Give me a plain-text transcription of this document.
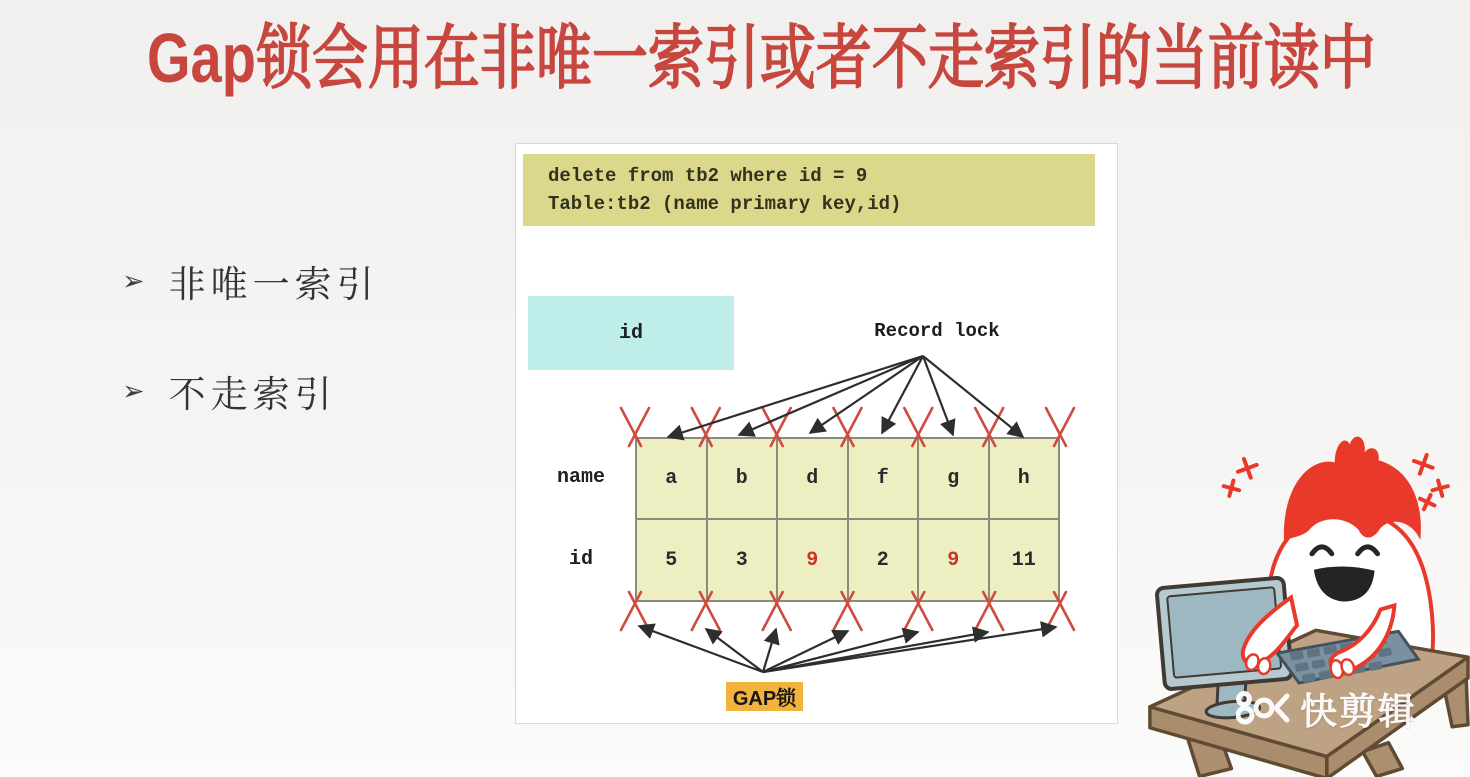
Gap锁会用在非唯一索引或者不走索引的当前读中
➢ 非唯一索引
➢ 不走索引
delete from tb2 where id = 9
Table:tb2 (name primary key,id)
id	Record lock
name
id
a	b	d	f	g	h
5	3	9	2	9	11
GAP锁	快剪辑
